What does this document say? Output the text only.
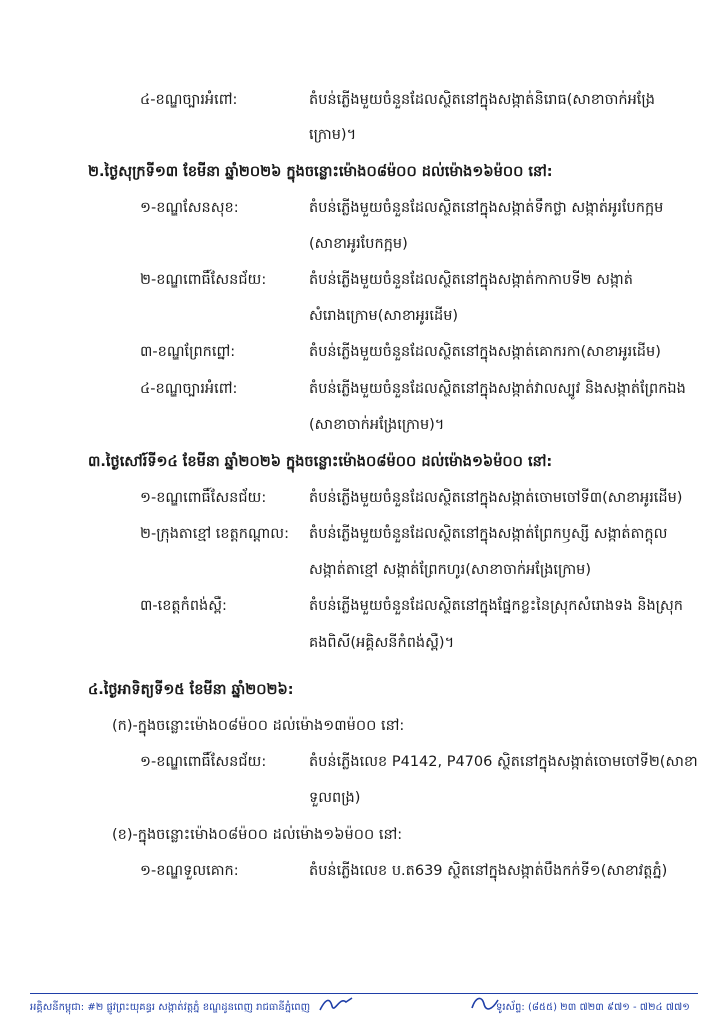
៤-ខណ្ឌច្បារអំពៅ:	តំបន់ភ្លើងមួយចំនួនដែលស្ថិតនៅក្នុងសង្កាត់និរោធ(សាខាចាក់អង្រែ
ក្រោម)។
២.ថ្ងៃសុក្រទី១៣ ខែមីនា ឆ្នាំ២០២៦ ក្នុងចន្លោះម៉ោង០៨ម៉០០ ដល់ម៉ោង១៦ម៉០០ នៅ:
១-ខណ្ឌសែនសុខ:	តំបន់ភ្លើងមួយចំនួនដែលស្ថិតនៅក្នុងសង្កាត់ទឹកថ្លា សង្កាត់អូរបែកក្អម
(សាខាអូរបែកក្អម)
២-ខណ្ឌពោធិ៍សែនជ័យ:	តំបន់ភ្លើងមួយចំនួនដែលស្ថិតនៅក្នុងសង្កាត់កាកាបទី២ សង្កាត់
សំរោងក្រោម(សាខាអូរដើម)
៣-ខណ្ឌព្រែកព្នៅ:	តំបន់ភ្លើងមួយចំនួនដែលស្ថិតនៅក្នុងសង្កាត់គោករកា(សាខាអូរដើម)
៤-ខណ្ឌច្បារអំពៅ:	តំបន់ភ្លើងមួយចំនួនដែលស្ថិតនៅក្នុងសង្កាត់វាលស្បូវ និងសង្កាត់ព្រែកឯង
(សាខាចាក់អង្រែក្រោម)។
៣.ថ្ងៃសៅរ៍ទី១៤ ខែមីនា ឆ្នាំ២០២៦ ក្នុងចន្លោះម៉ោង០៨ម៉០០ ដល់ម៉ោង១៦ម៉០០ នៅ:
១-ខណ្ឌពោធិ៍សែនជ័យ:	តំបន់ភ្លើងមួយចំនួនដែលស្ថិតនៅក្នុងសង្កាត់ចោមចៅទី៣(សាខាអូរដើម)
២-ក្រុងតាខ្មៅ ខេត្តកណ្តាល: តំបន់ភ្លើងមួយចំនួនដែលស្ថិតនៅក្នុងសង្កាត់ព្រែកឫស្សី សង្កាត់តាក្តុល
សង្កាត់តាខ្មៅ សង្កាត់ព្រែកហូរ(សាខាចាក់អង្រែក្រោម)
៣-ខេត្តកំពង់ស្ពឺ:	តំបន់ភ្លើងមួយចំនួនដែលស្ថិតនៅក្នុងផ្នែកខ្លះនៃស្រុកសំរោងទង និងស្រុក
គងពិសី(អគ្គិសនីកំពង់ស្ពឺ)។
៤.ថ្ងៃអាទិត្យទី១៥ ខែមីនា ឆ្នាំ២០២៦:
(ក)-ក្នុងចន្លោះម៉ោង០៨ម៉០០ ដល់ម៉ោង១៣ម៉០០ នៅ:
១-ខណ្ឌពោធិ៍សែនជ័យ:	តំបន់ភ្លើងលេខ P4142, P4706 ស្ថិតនៅក្នុងសង្កាត់ចោមចៅទី២(សាខា
ទួលពង្រ)
(ខ)-ក្នុងចន្លោះម៉ោង០៨ម៉០០ ដល់ម៉ោង១៦ម៉០០ នៅ:
១-ខណ្ឌទួលគោក:	តំបន់ភ្លើងលេខ ប.ត639 ស្ថិតនៅក្នុងសង្កាត់បឹងកក់ទី១(សាខាវត្តភ្នំ)
អគ្គិសនីកម្ពុជា: #២ ផ្លូវព្រះយុគន្ធរ សង្កាត់វត្តភ្នំ ខណ្ឌដូនពេញ រាជធានីភ្នំពេញ	ទូរស័ព្ទ: (៨៥៥) ២៣ ៧២៣ ៩៧១ - ៧២៤ ៧៧១
